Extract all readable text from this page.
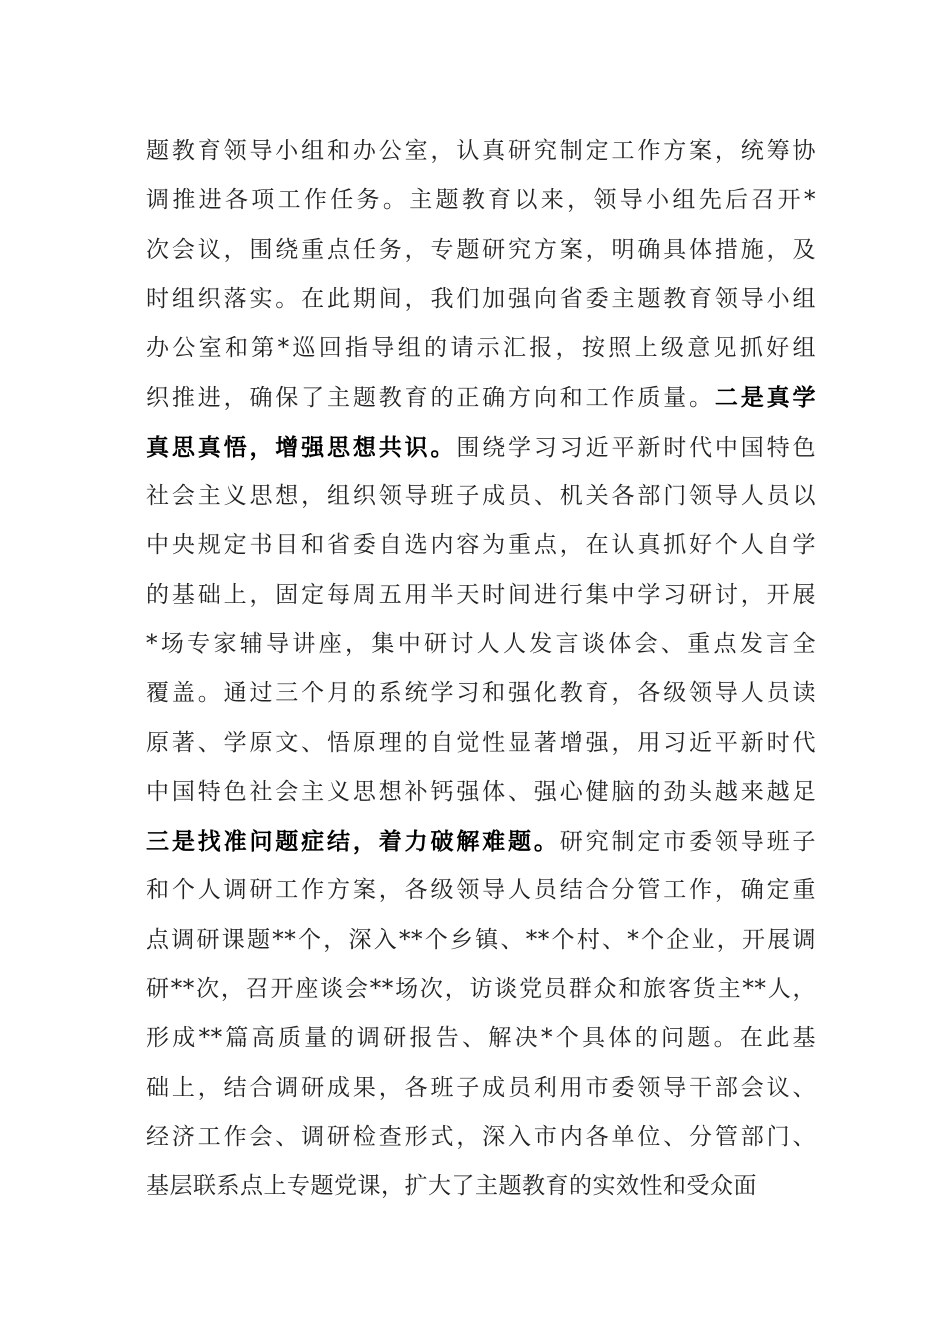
题教育领导小组和办公室，认真研究制定工作方案，统筹协
调推进各项工作任务。主题教育以来，领导小组先后召开*
次会议，围绕重点任务，专题研究方案，明确具体措施，及
时组织落实。在此期间，我们加强向省委主题教育领导小组
办公室和第*巡回指导组的请示汇报，按照上级意见抓好组
织推进，确保了主题教育的正确方向和工作质量。二是真学
真思真悟，增强思想共识。围绕学习习近平新时代中国特色
社会主义思想，组织领导班子成员、机关各部门领导人员以
中央规定书目和省委自选内容为重点，在认真抓好个人自学
的基础上，固定每周五用半天时间进行集中学习研讨，开展
*场专家辅导讲座，集中研讨人人发言谈体会、重点发言全
覆盖。通过三个月的系统学习和强化教育，各级领导人员读
原著、学原文、悟原理的自觉性显著增强，用习近平新时代
中国特色社会主义思想补钙强体、强心健脑的劲头越来越足
三是找准问题症结，着力破解难题。研究制定市委领导班子
和个人调研工作方案，各级领导人员结合分管工作，确定重
点调研课题**个，深入**个乡镇、**个村、*个企业，开展调
研**次，召开座谈会**场次，访谈党员群众和旅客货主**人，
形成**篇高质量的调研报告、解决*个具体的问题。在此基
础上，结合调研成果，各班子成员利用市委领导干部会议、
经济工作会、调研检查形式，深入市内各单位、分管部门、
基层联系点上专题党课，扩大了主题教育的实效性和受众面
